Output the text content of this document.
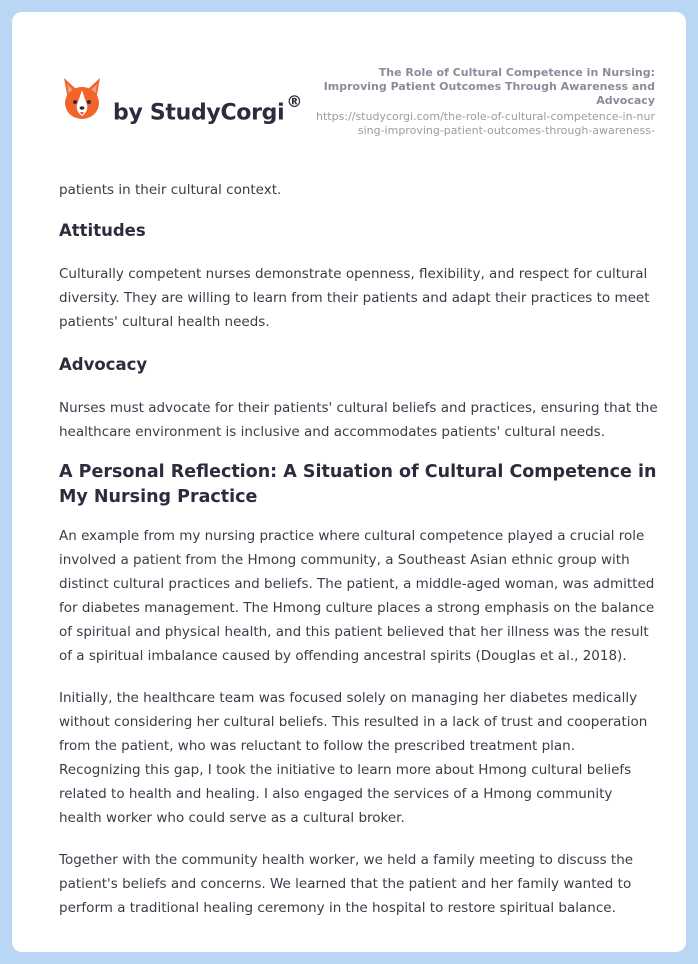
by StudyCorgi ®
The Role of Cultural Competence in Nursing: Improving Patient Outcomes Through Awareness and Advocacy
https://studycorgi.com/the-role-of-cultural-competence-in-nursing-improving-patient-outcomes-through-awareness-

patients in their cultural context.

Attitudes

Culturally competent nurses demonstrate openness, flexibility, and respect for cultural diversity. They are willing to learn from their patients and adapt their practices to meet patients' cultural health needs.

Advocacy

Nurses must advocate for their patients' cultural beliefs and practices, ensuring that the healthcare environment is inclusive and accommodates patients' cultural needs.

A Personal Reflection: A Situation of Cultural Competence in My Nursing Practice

An example from my nursing practice where cultural competence played a crucial role involved a patient from the Hmong community, a Southeast Asian ethnic group with distinct cultural practices and beliefs. The patient, a middle-aged woman, was admitted for diabetes management. The Hmong culture places a strong emphasis on the balance of spiritual and physical health, and this patient believed that her illness was the result of a spiritual imbalance caused by offending ancestral spirits (Douglas et al., 2018).

Initially, the healthcare team was focused solely on managing her diabetes medically without considering her cultural beliefs. This resulted in a lack of trust and cooperation from the patient, who was reluctant to follow the prescribed treatment plan. Recognizing this gap, I took the initiative to learn more about Hmong cultural beliefs related to health and healing. I also engaged the services of a Hmong community health worker who could serve as a cultural broker.

Together with the community health worker, we held a family meeting to discuss the patient's beliefs and concerns. We learned that the patient and her family wanted to perform a traditional healing ceremony in the hospital to restore spiritual balance.
